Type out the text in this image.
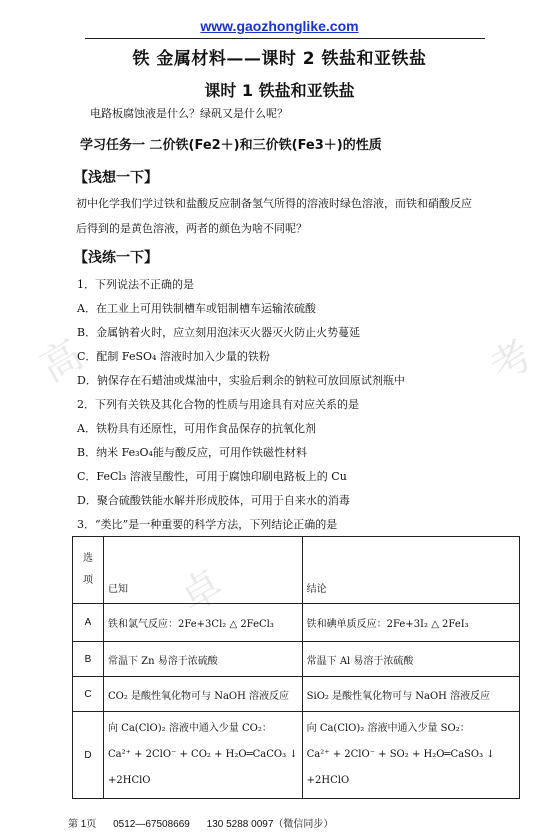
高	考
卓
www.gaozhonglike.com
铁 金属材料——课时 2 铁盐和亚铁盐
课时 1 铁盐和亚铁盐
电路板腐蚀液是什么？绿矾又是什么呢？
学习任务一 二价铁(Fe2＋)和三价铁(Fe3＋)的性质
【浅想一下】
初中化学我们学过铁和盐酸反应制备氢气所得的溶液时绿色溶液，而铁和硝酸反应
后得到的是黄色溶液，两者的颜色为啥不同呢？
【浅练一下】
1．下列说法不正确的是
A．在工业上可用铁制槽车或铝制槽车运输浓硫酸
B．金属钠着火时，应立刻用泡沫灭火器灭火防止火势蔓延
C．配制 FeSO₄ 溶液时加入少量的铁粉
D．钠保存在石蜡油或煤油中，实验后剩余的钠粒可放回原试剂瓶中
2．下列有关铁及其化合物的性质与用途具有对应关系的是
A．铁粉具有还原性，可用作食品保存的抗氧化剂
B．纳米 Fe₃O₄能与酸反应，可用作铁磁性材料
C．FeCl₃ 溶液呈酸性，可用于腐蚀印刷电路板上的 Cu
D．聚合硫酸铁能水解并形成胶体，可用于自来水的消毒
3．“类比”是一种重要的科学方法，下列结论正确的是
选
项	已知	结论
A	铁和氯气反应：2Fe+3Cl₂ △ 2FeCl₃	铁和碘单质反应：2Fe+3I₂ △ 2FeI₃
B	常温下 Zn 易溶于浓硫酸	常温下 Al 易溶于浓硫酸
C	CO₂ 是酸性氧化物可与 NaOH 溶液反应	SiO₂ 是酸性氧化物可与 NaOH 溶液反应
D	向 Ca(ClO)₂ 溶液中通入少量 CO₂：
Ca²⁺ + 2ClO⁻ + CO₂ + H₂O═CaCO₃ ↓
+2HClO	向 Ca(ClO)₂ 溶液中通入少量 SO₂：
Ca²⁺ + 2ClO⁻ + SO₂ + H₂O═CaSO₃ ↓
+2HClO
第 1页 0512—67508669 130 5288 0097（微信同步）
